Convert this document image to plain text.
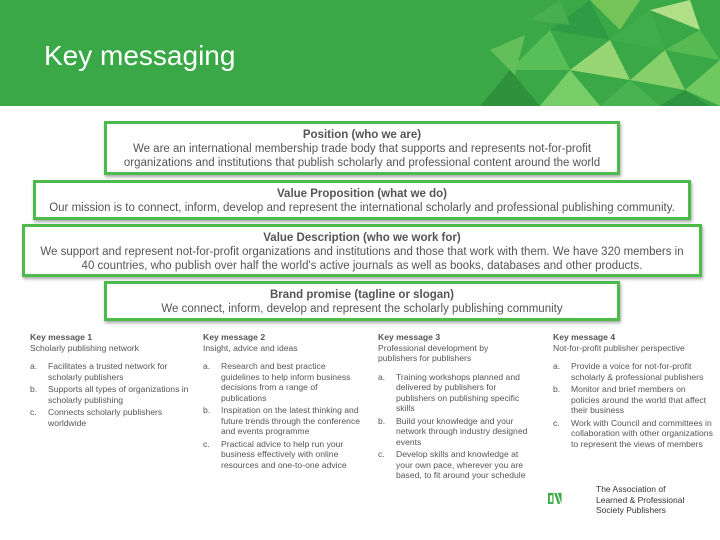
Key messaging
Position (who we are)
We are an international membership trade body that supports and represents not-for-profit
organizations and institutions that publish scholarly and professional content around the world
Value Proposition (what we do)
Our mission is to connect, inform, develop and represent the international scholarly and professional publishing community.
Value Description (who we work for)
We support and represent not-for-profit organizations and institutions and those that work with them. We have 320 members in
40 countries, who publish over half the world's active journals as well as books, databases and other products.
Brand promise (tagline or slogan)
We connect, inform, develop and represent the scholarly publishing community
Key message 1
Scholarly publishing network
a.	Facilitates a trusted network for scholarly publishers
b.	Supports all types of organizations in scholarly publishing
c.	Connects scholarly publishers worldwide
Key message 2
Insight, advice and ideas
a.	Research and best practice guidelines to help inform business decisions from a range of publications
b.	Inspiration on the latest thinking and future trends through the conference and events programme
c.	Practical advice to help run your business effectively with online resources and one-to-one advice
Key message 3
Professional development by publishers for publishers
a.	Training workshops planned and delivered by publishers for publishers on publishing specific skills
b.	Build your knowledge and your network through industry designed events
c.	Develop skills and knowledge at your own pace, wherever you are based, to fit around your schedule
Key message 4
Not-for-profit publisher perspective
a.	Provide a voice for not-for-profit scholarly & professional publishers
b.	Monitor and brief members on policies around the world that affect their business
c.	Work with Council and committees in collaboration with other organizations to represent the views of members
The Association of
Learned & Professional
Society Publishers
